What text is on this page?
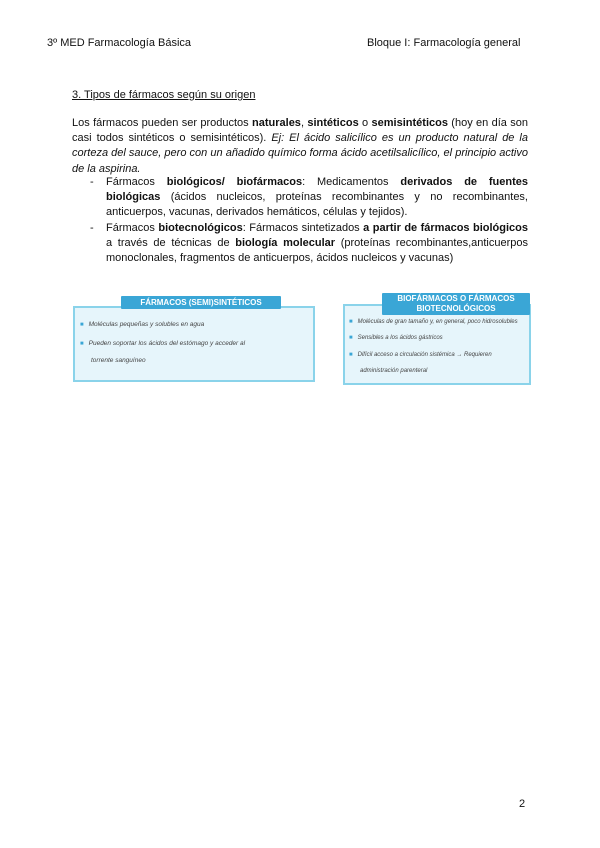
3º MED Farmacología Básica	Bloque I: Farmacología general
3. Tipos de fármacos según su origen
Los fármacos pueden ser productos naturales, sintéticos o semisintéticos (hoy en día son casi todos sintéticos o semisintéticos). Ej: El ácido salicílico es un producto natural de la corteza del sauce, pero con un añadido químico forma ácido acetilsalicílico, el principio activo de la aspirina.
- Fármacos biológicos/ biofármacos: Medicamentos derivados de fuentes biológicas (ácidos nucleicos, proteínas recombinantes y no recombinantes, anticuerpos, vacunas, derivados hemáticos, células y tejidos).
- Fármacos biotecnológicos: Fármacos sintetizados a partir de fármacos biológicos a través de técnicas de biología molecular (proteínas recombinantes,anticuerpos monoclonales, fragmentos de anticuerpos, ácidos nucleicos y vacunas)
FÁRMACOS (SEMI)SINTÉTICOS
■ Moléculas pequeñas y solubles en agua
■ Pueden soportar los ácidos del estómago y acceder al
torrente sanguíneo
BIOFÁRMACOS O FÁRMACOS
BIOTECNOLÓGICOS
■ Moléculas de gran tamaño y, en general, poco hidrosolubles
■ Sensibles a los ácidos gástricos
■ Difícil acceso a circulación sistémica → Requieren
administración parenteral
2
